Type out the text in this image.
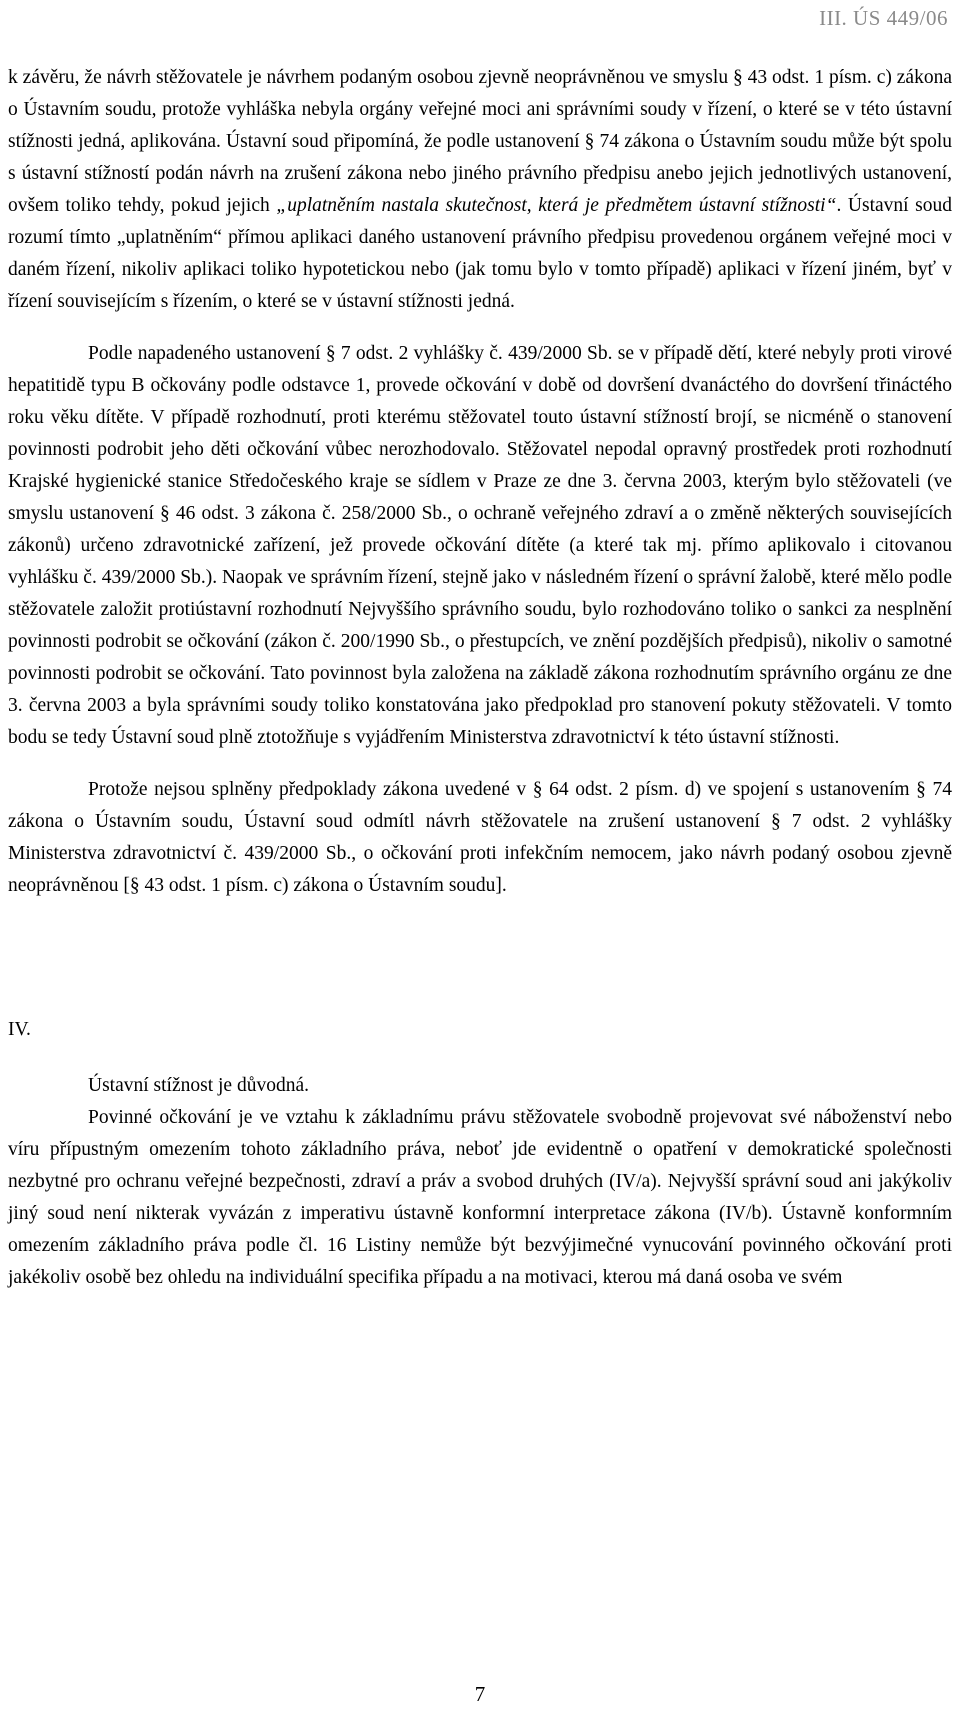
III. ÚS 449/06

k závěru, že návrh stěžovatele je návrhem podaným osobou zjevně neoprávněnou ve smyslu § 43 odst. 1 písm. c) zákona o Ústavním soudu, protože vyhláška nebyla orgány veřejné moci ani správními soudy v řízení, o které se v této ústavní stížnosti jedná, aplikována. Ústavní soud připomíná, že podle ustanovení § 74 zákona o Ústavním soudu může být spolu s ústavní stížností podán návrh na zrušení zákona nebo jiného právního předpisu anebo jejich jednotlivých ustanovení, ovšem toliko tehdy, pokud jejich „uplatněním nastala skutečnost, která je předmětem ústavní stížnosti“. Ústavní soud rozumí tímto „uplatněním“ přímou aplikaci daného ustanovení právního předpisu provedenou orgánem veřejné moci v daném řízení, nikoliv aplikaci toliko hypotetickou nebo (jak tomu bylo v tomto případě) aplikaci v řízení jiném, byť v řízení souvisejícím s řízením, o které se v ústavní stížnosti jedná.

Podle napadeného ustanovení § 7 odst. 2 vyhlášky č. 439/2000 Sb. se v případě dětí, které nebyly proti virové hepatitidě typu B očkovány podle odstavce 1, provede očkování v době od dovršení dvanáctého do dovršení třináctého roku věku dítěte. V případě rozhodnutí, proti kterému stěžovatel touto ústavní stížností brojí, se nicméně o stanovení povinnosti podrobit jeho děti očkování vůbec nerozhodovalo. Stěžovatel nepodal opravný prostředek proti rozhodnutí Krajské hygienické stanice Středočeského kraje se sídlem v Praze ze dne 3. června 2003, kterým bylo stěžovateli (ve smyslu ustanovení § 46 odst. 3 zákona č. 258/2000 Sb., o ochraně veřejného zdraví a o změně některých souvisejících zákonů) určeno zdravotnické zařízení, jež provede očkování dítěte (a které tak mj. přímo aplikovalo i citovanou vyhlášku č. 439/2000 Sb.). Naopak ve správním řízení, stejně jako v následném řízení o správní žalobě, které mělo podle stěžovatele založit protiústavní rozhodnutí Nejvyššího správního soudu, bylo rozhodováno toliko o sankci za nesplnění povinnosti podrobit se očkování (zákon č. 200/1990 Sb., o přestupcích, ve znění pozdějších předpisů), nikoliv o samotné povinnosti podrobit se očkování. Tato povinnost byla založena na základě zákona rozhodnutím správního orgánu ze dne 3. června 2003 a byla správními soudy toliko konstatována jako předpoklad pro stanovení pokuty stěžovateli. V tomto bodu se tedy Ústavní soud plně ztotožňuje s vyjádřením Ministerstva zdravotnictví k této ústavní stížnosti.

Protože nejsou splněny předpoklady zákona uvedené v § 64 odst. 2 písm. d) ve spojení s ustanovením § 74 zákona o Ústavním soudu, Ústavní soud odmítl návrh stěžovatele na zrušení ustanovení § 7 odst. 2 vyhlášky Ministerstva zdravotnictví č. 439/2000 Sb., o očkování proti infekčním nemocem, jako návrh podaný osobou zjevně neoprávněnou [§ 43 odst. 1 písm. c) zákona o Ústavním soudu].

IV.

Ústavní stížnost je důvodná.

Povinné očkování je ve vztahu k základnímu právu stěžovatele svobodně projevovat své náboženství nebo víru přípustným omezením tohoto základního práva, neboť jde evidentně o opatření v demokratické společnosti nezbytné pro ochranu veřejné bezpečnosti, zdraví a práv a svobod druhých (IV/a). Nejvyšší správní soud ani jakýkoliv jiný soud není nikterak vyvázán z imperativu ústavně konformní interpretace zákona (IV/b). Ústavně konformním omezením základního práva podle čl. 16 Listiny nemůže být bezvýjimečné vynucování povinného očkování proti jakékoliv osobě bez ohledu na individuální specifika případu a na motivaci, kterou má daná osoba ve svém

7
